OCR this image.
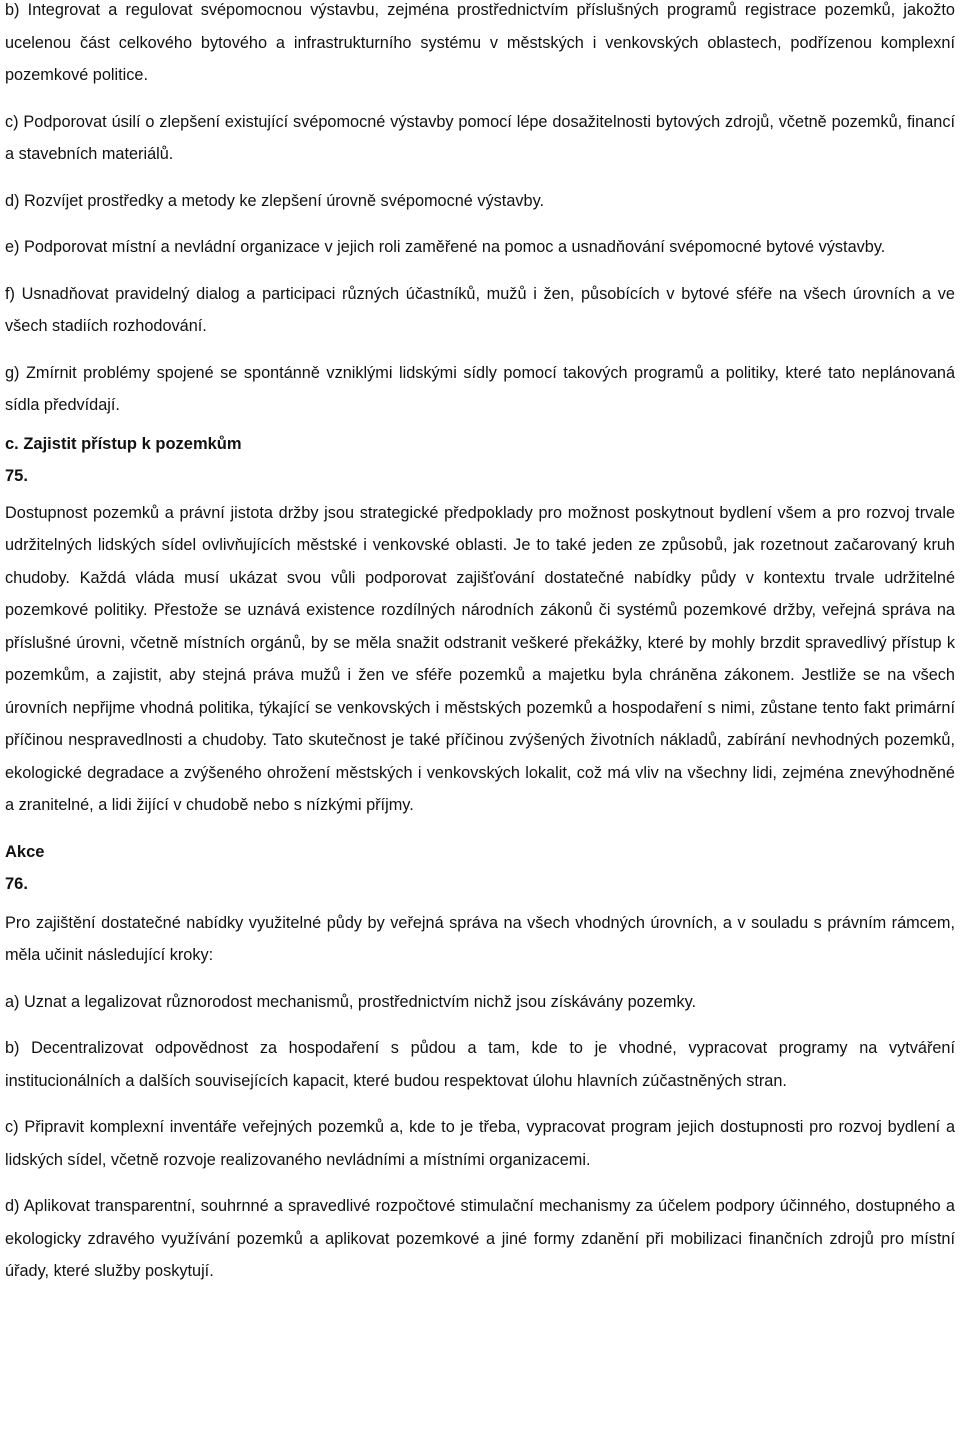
b) Integrovat a regulovat svépomocnou výstavbu, zejména prostřednictvím příslušných programů registrace pozemků, jakožto ucelenou část celkového bytového a infrastrukturního systému v městských i venkovských oblastech, podřízenou komplexní pozemkové politice.

c) Podporovat úsilí o zlepšení existující svépomocné výstavby pomocí lépe dosažitelnosti bytových zdrojů, včetně pozemků, financí a stavebních materiálů.

d) Rozvíjet prostředky a metody ke zlepšení úrovně svépomocné výstavby.

e) Podporovat místní a nevládní organizace v jejich roli zaměřené na pomoc a usnadňování svépomocné bytové výstavby.

f) Usnadňovat pravidelný dialog a participaci různých účastníků, mužů i žen, působících v bytové sféře na všech úrovních a ve všech stadiích rozhodování.

g) Zmírnit problémy spojené se spontánně vzniklými lidskými sídly pomocí takových programů a politiky, které tato neplánovaná sídla předvídají.

c. Zajistit přístup k pozemkům

75.

Dostupnost pozemků a právní jistota držby jsou strategické předpoklady pro možnost poskytnout bydlení všem a pro rozvoj trvale udržitelných lidských sídel ovlivňujících městské i venkovské oblasti. Je to také jeden ze způsobů, jak rozetnout začarovaný kruh chudoby. Každá vláda musí ukázat svou vůli podporovat zajišťování dostatečné nabídky půdy v kontextu trvale udržitelné pozemkové politiky. Přestože se uznává existence rozdílných národních zákonů či systémů pozemkové držby, veřejná správa na příslušné úrovni, včetně místních orgánů, by se měla snažit odstranit veškeré překážky, které by mohly brzdit spravedlivý přístup k pozemkům, a zajistit, aby stejná práva mužů i žen ve sféře pozemků a majetku byla chráněna zákonem. Jestliže se na všech úrovních nepřijme vhodná politika, týkající se venkovských i městských pozemků a hospodaření s nimi, zůstane tento fakt primární příčinou nespravedlnosti a chudoby. Tato skutečnost je také příčinou zvýšených životních nákladů, zabírání nevhodných pozemků, ekologické degradace a zvýšeného ohrožení městských i venkovských lokalit, což má vliv na všechny lidi, zejména znevýhodněné a zranitelné, a lidi žijící v chudobě nebo s nízkými příjmy.

Akce

76.

Pro zajištění dostatečné nabídky využitelné půdy by veřejná správa na všech vhodných úrovních, a v souladu s právním rámcem, měla učinit následující kroky:

a) Uznat a legalizovat různorodost mechanismů, prostřednictvím nichž jsou získávány pozemky.

b) Decentralizovat odpovědnost za hospodaření s půdou a tam, kde to je vhodné, vypracovat programy na vytváření institucionálních a dalších souvisejících kapacit, které budou respektovat úlohu hlavních zúčastněných stran.

c) Připravit komplexní inventáře veřejných pozemků a, kde to je třeba, vypracovat program jejich dostupnosti pro rozvoj bydlení a lidských sídel, včetně rozvoje realizovaného nevládními a místními organizacemi.

d) Aplikovat transparentní, souhrnné a spravedlivé rozpočtové stimulační mechanismy za účelem podpory účinného, dostupného a ekologicky zdravého využívání pozemků a aplikovat pozemkové a jiné formy zdanění při mobilizaci finančních zdrojů pro místní úřady, které služby poskytují.
